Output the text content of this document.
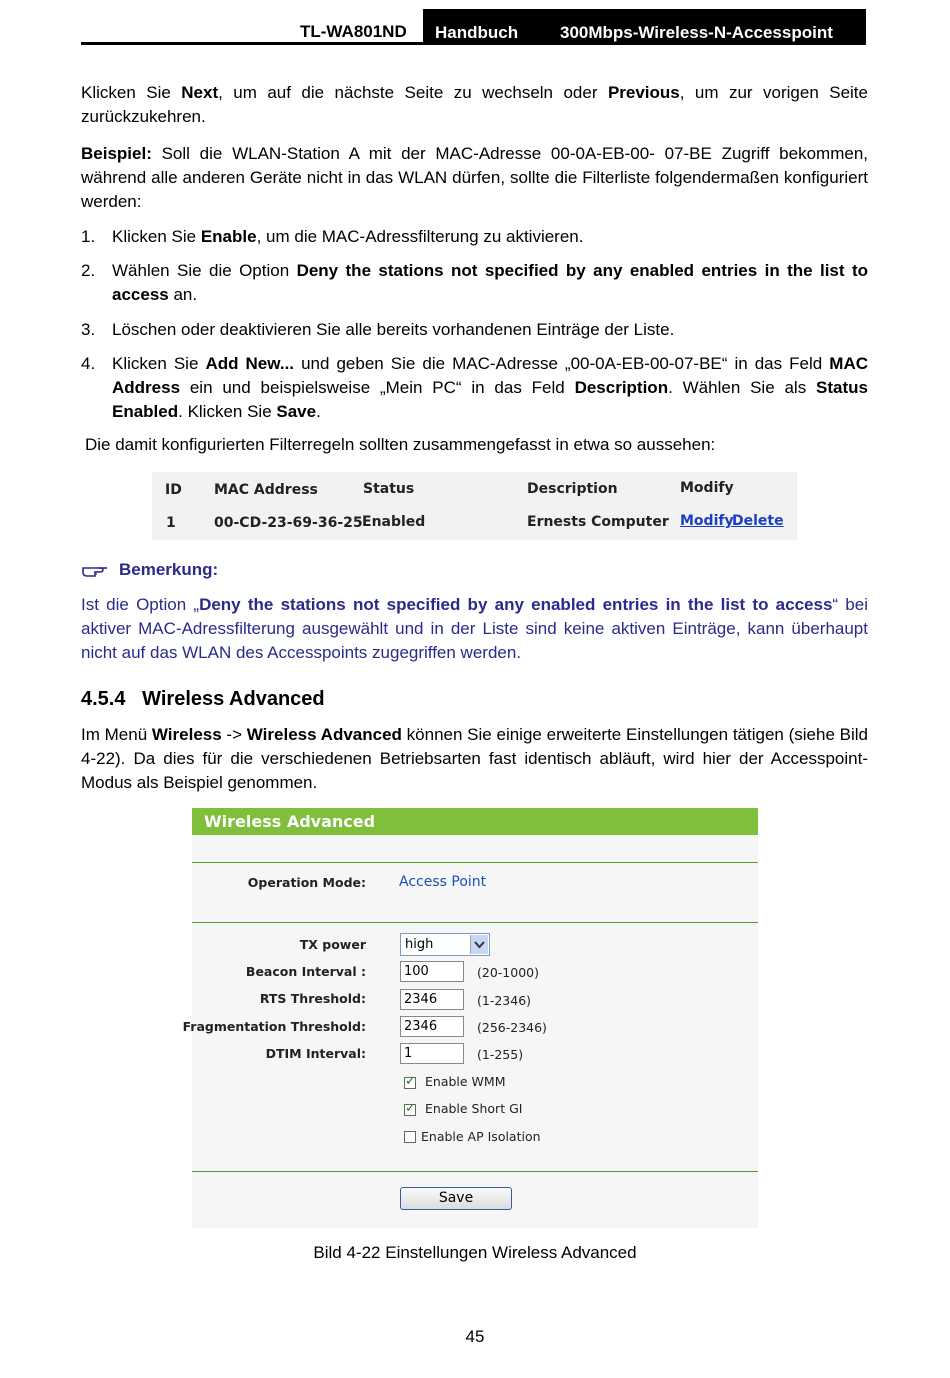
TL-WA801ND Handbuch 300Mbps-Wireless-N-Accesspoint
Klicken Sie Next, um auf die nächste Seite zu wechseln oder Previous, um zur vorigen Seite zurückzukehren.
Beispiel: Soll die WLAN-Station A mit der MAC-Adresse 00-0A-EB-00- 07-BE Zugriff bekommen, während alle anderen Geräte nicht in das WLAN dürfen, sollte die Filterliste folgendermaßen konfiguriert werden:
1. Klicken Sie Enable, um die MAC-Adressfilterung zu aktivieren.
2. Wählen Sie die Option Deny the stations not specified by any enabled entries in the list to access an.
3. Löschen oder deaktivieren Sie alle bereits vorhandenen Einträge der Liste.
4. Klicken Sie Add New... und geben Sie die MAC-Adresse „00-0A-EB-00-07-BE“ in das Feld MAC Address ein und beispielsweise „Mein PC“ in das Feld Description. Wählen Sie als Status Enabled. Klicken Sie Save.
Die damit konfigurierten Filterregeln sollten zusammengefasst in etwa so aussehen:
ID MAC Address	Status	Description	Modify
1	00-CD-23-69-36-25 Enabled	Ernests Computer Modify
Delete
Bemerkung:
Ist die Option „Deny the stations not specified by any enabled entries in the list to access“ bei aktiver MAC-Adressfilterung ausgewählt und in der Liste sind keine aktiven Einträge, kann überhaupt nicht auf das WLAN des Accesspoints zugegriffen werden.
4.5.4 Wireless Advanced
Im Menü Wireless -> Wireless Advanced können Sie einige erweiterte Einstellungen tätigen (siehe Bild 4-22). Da dies für die verschiedenen Betriebsarten fast identisch abläuft, wird hier der Accesspoint-Modus als Beispiel genommen.
Wireless Advanced
Operation Mode: Access Point
TX power	high
Beacon Interval :	100	(20-1000)
RTS Threshold:	2346	(1-2346)
Fragmentation Threshold:	2346	(256-2346)
DTIM Interval:	1	(1-255)
✓
Enable WMM
✓
Enable Short GI
Enable AP Isolation
Save
Bild 4-22 Einstellungen Wireless Advanced
45
